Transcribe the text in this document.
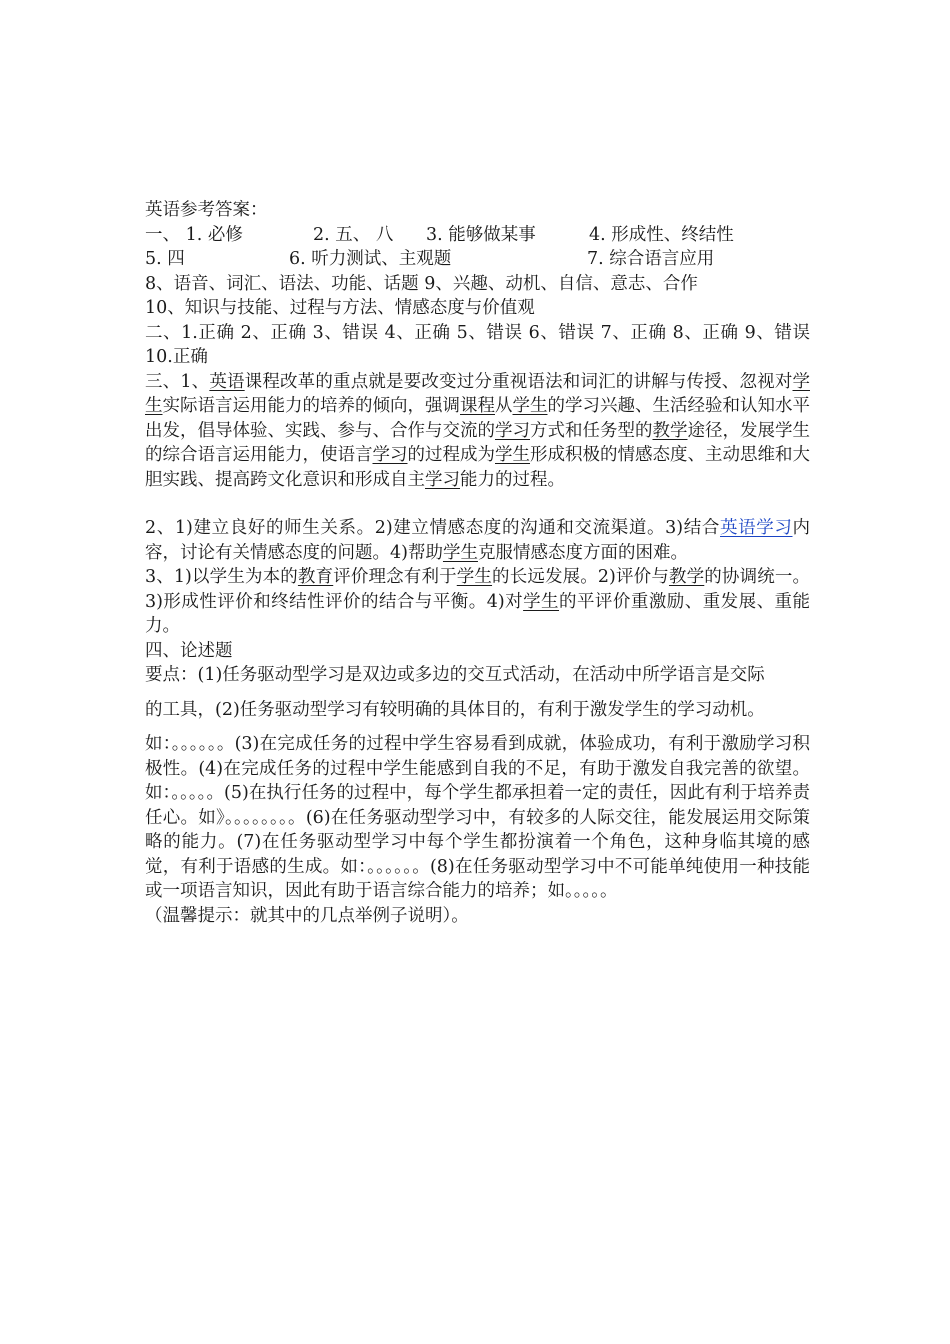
英语参考答案：
一、 1. 必修	2. 五、 八 3. 能够做某事	4. 形成性、终结性
5. 四	6. 听力测试、主观题	7. 综合语言应用
8、语音、词汇、语法、功能、话题 9、兴趣、动机、自信、意志、合作
10、知识与技能、过程与方法、情感态度与价值观
二、1.正确 2、正确 3、错误 4、正确 5、错误 6、错误 7、正确 8、正确 9、错误 10.正确
三、1、英语课程改革的重点就是要改变过分重视语法和词汇的讲解与传授、忽视对学生实际语言运用能力的培养的倾向，强调课程从学生的学习兴趣、生活经验和认知水平出发，倡导体验、实践、参与、合作与交流的学习方式和任务型的教学途径，发展学生的综合语言运用能力，使语言学习的过程成为学生形成积极的情感态度、主动思维和大胆实践、提高跨文化意识和形成自主学习能力的过程。
2、1)建立良好的师生关系。2)建立情感态度的沟通和交流渠道。3)结合英语学习内容，讨论有关情感态度的问题。4)帮助学生克服情感态度方面的困难。
3、1)以学生为本的教育评价理念有利于学生的长远发展。2)评价与教学的协调统一。3)形成性评价和终结性评价的结合与平衡。4)对学生的平评价重激励、重发展、重能力。
四、论述题
要点：(1)任务驱动型学习是双边或多边的交互式活动，在活动中所学语言是交际
的工具，(2)任务驱动型学习有较明确的具体目的，有利于激发学生的学习动机。
如：。。。。。。(3)在完成任务的过程中学生容易看到成就，体验成功，有利于激励学习积极性。(4)在完成任务的过程中学生能感到自我的不足，有助于激发自我完善的欲望。如：。。。。。(5)在执行任务的过程中，每个学生都承担着一定的责任，因此有利于培养责任心。如》。。。。。。。。(6)在任务驱动型学习中，有较多的人际交往，能发展运用交际策略的能力。(7)在任务驱动型学习中每个学生都扮演着一个角色，这种身临其境的感觉，有利于语感的生成。如：。。。。。。(8)在任务驱动型学习中不可能单纯使用一种技能或一项语言知识，因此有助于语言综合能力的培养；如。。。。。
（温馨提示：就其中的几点举例子说明）。
